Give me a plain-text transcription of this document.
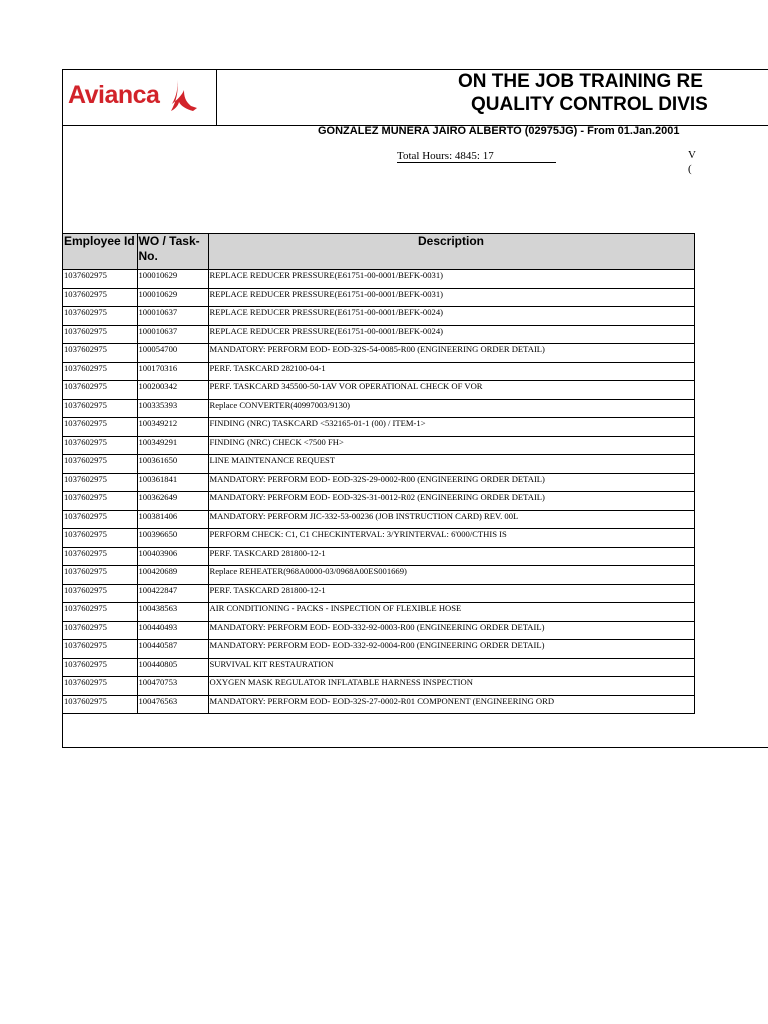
Avianca	ON THE JOB TRAINING RE
QUALITY CONTROL DIVIS
GONZALEZ MUNERA JAIRO ALBERTO (02975JG) - From 01.Jan.2001
Total Hours: 4845: 17	V
(
Employee Id	WO / Task-No.	Description
1037602975	100010629	REPLACE REDUCER PRESSURE(E61751-00-0001/BEFK-0031)
1037602975	100010629	REPLACE REDUCER PRESSURE(E61751-00-0001/BEFK-0031)
1037602975	100010637	REPLACE REDUCER PRESSURE(E61751-00-0001/BEFK-0024)
1037602975	100010637	REPLACE REDUCER PRESSURE(E61751-00-0001/BEFK-0024)
1037602975	100054700	MANDATORY: PERFORM EOD- EOD-32S-54-0085-R00 (ENGINEERING ORDER DETAIL)
1037602975	100170316	PERF. TASKCARD 282100-04-1
1037602975	100200342	PERF. TASKCARD 345500-50-1AV VOR OPERATIONAL CHECK OF VOR
1037602975	100335393	Replace CONVERTER(40997003/9130)
1037602975	100349212	FINDING (NRC) TASKCARD <532165-01-1 (00) / ITEM-1>
1037602975	100349291	FINDING (NRC) CHECK <7500 FH>
1037602975	100361650	LINE MAINTENANCE REQUEST
1037602975	100361841	MANDATORY: PERFORM EOD- EOD-32S-29-0002-R00 (ENGINEERING ORDER DETAIL)
1037602975	100362649	MANDATORY: PERFORM EOD- EOD-32S-31-0012-R02 (ENGINEERING ORDER DETAIL)
1037602975	100381406	MANDATORY: PERFORM JIC-332-53-00236 (JOB INSTRUCTION CARD) REV. 00L
1037602975	100396650	PERFORM CHECK: C1, C1 CHECKINTERVAL: 3/YRINTERVAL: 6'000/CTHIS IS
1037602975	100403906	PERF. TASKCARD 281800-12-1
1037602975	100420689	Replace REHEATER(968A0000-03/0968A00ES001669)
1037602975	100422847	PERF. TASKCARD 281800-12-1
1037602975	100438563	AIR CONDITIONING - PACKS - INSPECTION OF FLEXIBLE HOSE
1037602975	100440493	MANDATORY: PERFORM EOD- EOD-332-92-0003-R00 (ENGINEERING ORDER DETAIL)
1037602975	100440587	MANDATORY: PERFORM EOD- EOD-332-92-0004-R00 (ENGINEERING ORDER DETAIL)
1037602975	100440805	SURVIVAL KIT RESTAURATION
1037602975	100470753	OXYGEN MASK REGULATOR INFLATABLE HARNESS INSPECTION
1037602975	100476563	MANDATORY: PERFORM EOD- EOD-32S-27-0002-R01 COMPONENT (ENGINEERING ORD
